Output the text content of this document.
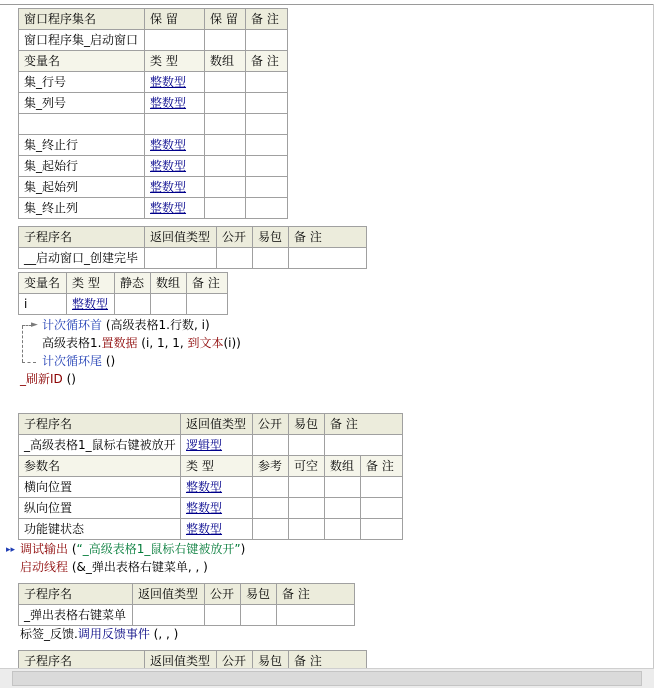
窗口程序集名	保 留	保 留	备 注
窗口程序集_启动窗口			
变量名	类 型	数组	备 注
集_行号	整数型		
集_列号	整数型		

集_终止行	整数型		
集_起始行	整数型		
集_起始列	整数型		
集_终止列	整数型		
子程序名	返回值类型	公开	易包	备 注
__启动窗口_创建完毕				
变量名	类 型	静态	数组	备 注
i	整数型			
► 计次循环首 (高级表格1.行数, i)
高级表格1.置数据 (i, 1, 1, 到文本(i))
计次循环尾 ()
_刷新ID ()
子程序名	返回值类型	公开	易包	备 注	
_高级表格1_鼠标右键被放开	逻辑型				
参数名	类 型	参考	可空	数组	备 注
横向位置	整数型				
纵向位置	整数型				
功能键状态	整数型				
▸▸ 调试输出 (“_高级表格1_鼠标右键被放开”)
启动线程 (&_弹出表格右键菜单, , )
子程序名	返回值类型	公开	易包	备 注
_弹出表格右键菜单				
标签_反馈.调用反馈事件 (, , )
子程序名	返回值类型	公开	易包	备 注
